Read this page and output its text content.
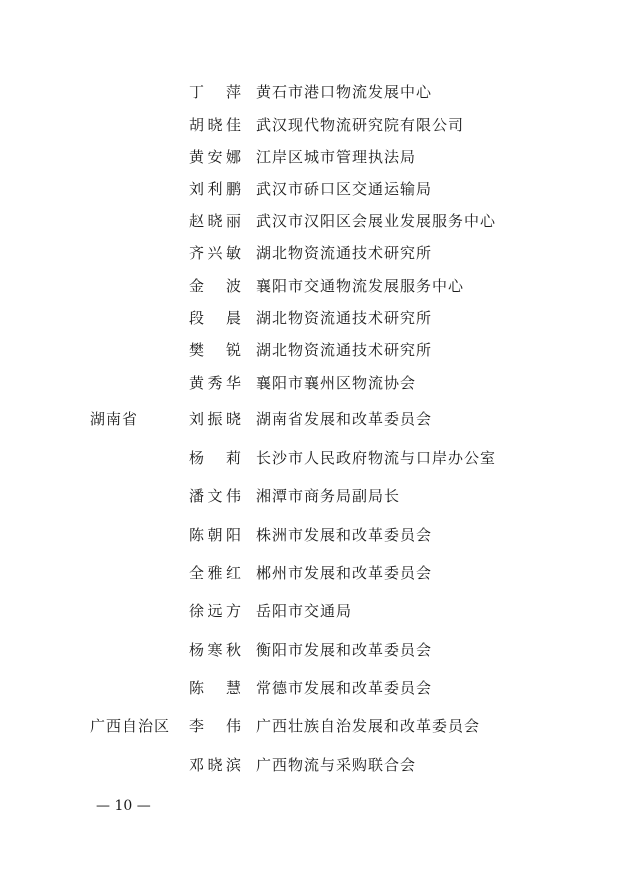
丁　萍 黄石市港口物流发展中心
胡晓佳 武汉现代物流研究院有限公司
黄安娜 江岸区城市管理执法局
刘利鹏 武汉市硚口区交通运输局
赵晓丽 武汉市汉阳区会展业发展服务中心
齐兴敏 湖北物资流通技术研究所
金　波 襄阳市交通物流发展服务中心
段　晨 湖北物资流通技术研究所
樊　锐 湖北物资流通技术研究所
黄秀华 襄阳市襄州区物流协会
湖南省	刘振晓 湖南省发展和改革委员会
杨　莉 长沙市人民政府物流与口岸办公室
潘文伟 湘潭市商务局副局长
陈朝阳 株洲市发展和改革委员会
全雅红 郴州市发展和改革委员会
徐远方 岳阳市交通局
杨寒秋 衡阳市发展和改革委员会
陈　慧 常德市发展和改革委员会
广西自治区	李　伟 广西壮族自治发展和改革委员会
邓晓滨 广西物流与采购联合会
— 10 —
